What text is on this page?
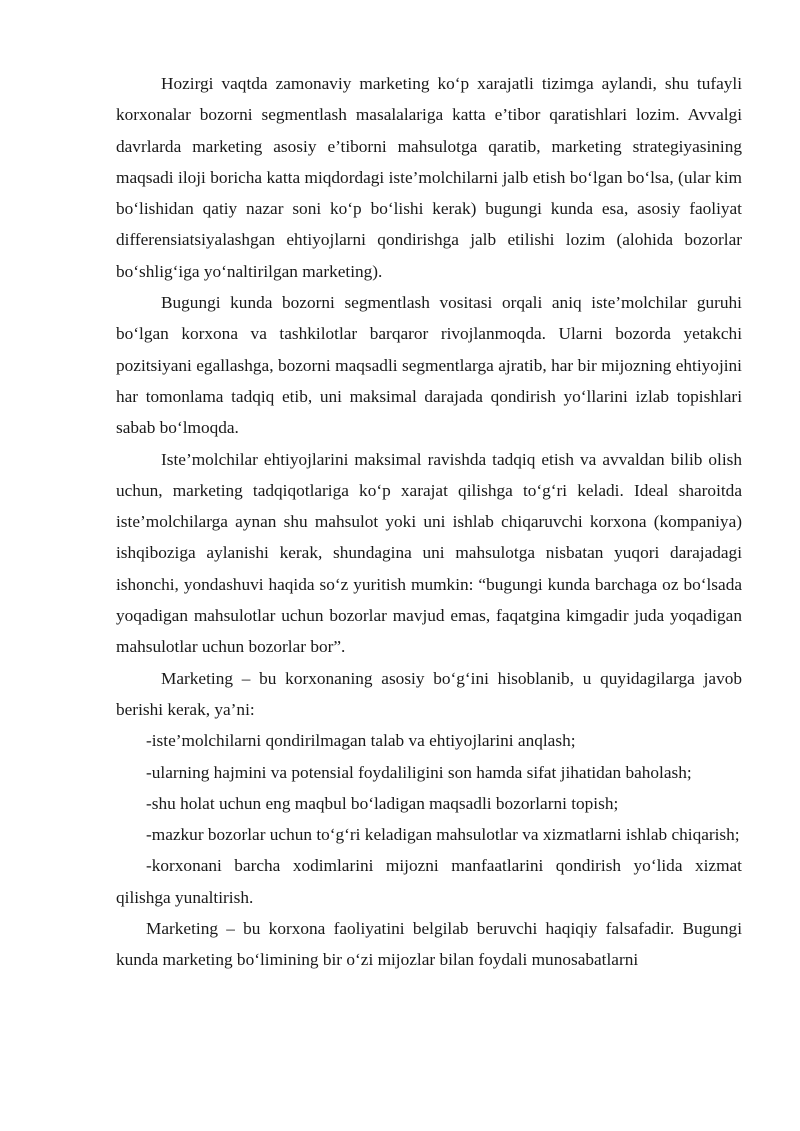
Hozirgi vaqtda zamonaviy marketing ko‘p xarajatli tizimga aylandi, shu tufayli korxonalar bozorni segmentlash masalalariga katta e’tibor qaratishlari lozim. Avvalgi davrlarda marketing asosiy e’tiborni mahsulotga qaratib, marketing strategiyasining maqsadi iloji boricha katta miqdordagi iste’molchilarni jalb etish bo‘lgan bo‘lsa, (ular kim bo‘lishidan qatiy nazar soni ko‘p bo‘lishi kerak) bugungi kunda esa, asosiy faoliyat differensiatsiyalashgan ehtiyojlarni qondirishga jalb etilishi lozim (alohida bozorlar bo‘shlig‘iga yo‘naltirilgan marketing).

Bugungi kunda bozorni segmentlash vositasi orqali aniq iste’molchilar guruhi bo‘lgan korxona va tashkilotlar barqaror rivojlanmoqda. Ularni bozorda yetakchi pozitsiyani egallashga, bozorni maqsadli segmentlarga ajratib, har bir mijozning ehtiyojini har tomonlama tadqiq etib, uni maksimal darajada qondirish yo‘llarini izlab topishlari sabab bo‘lmoqda.

Iste’molchilar ehtiyojlarini maksimal ravishda tadqiq etish va avvaldan bilib olish uchun, marketing tadqiqotlariga ko‘p xarajat qilishga to‘g‘ri keladi. Ideal sharoitda iste’molchilarga aynan shu mahsulot yoki uni ishlab chiqaruvchi korxona (kompaniya) ishqiboziga aylanishi kerak, shundagina uni mahsulotga nisbatan yuqori darajadagi ishonchi, yondashuvi haqida so‘z yuritish mumkin: “bugungi kunda barchaga oz bo‘lsada yoqadigan mahsulotlar uchun bozorlar mavjud emas, faqatgina kimgadir juda yoqadigan mahsulotlar uchun bozorlar bor”.

Marketing – bu korxonaning asosiy bo‘g‘ini hisoblanib, u quyidagilarga javob berishi kerak, ya’ni:

-iste’molchilarni qondirilmagan talab va ehtiyojlarini anqlash;

-ularning hajmini va potensial foydaliligini son hamda sifat jihatidan baholash;

-shu holat uchun eng maqbul bo‘ladigan maqsadli bozorlarni topish;

-mazkur bozorlar uchun to‘g‘ri keladigan mahsulotlar va xizmatlarni ishlab chiqarish;

-korxonani barcha xodimlarini mijozni manfaatlarini qondirish yo‘lida xizmat qilishga yunaltirish.

Marketing – bu korxona faoliyatini belgilab beruvchi haqiqiy falsafadir. Bugungi kunda marketing bo‘limining bir o‘zi mijozlar bilan foydali munosabatlarni
